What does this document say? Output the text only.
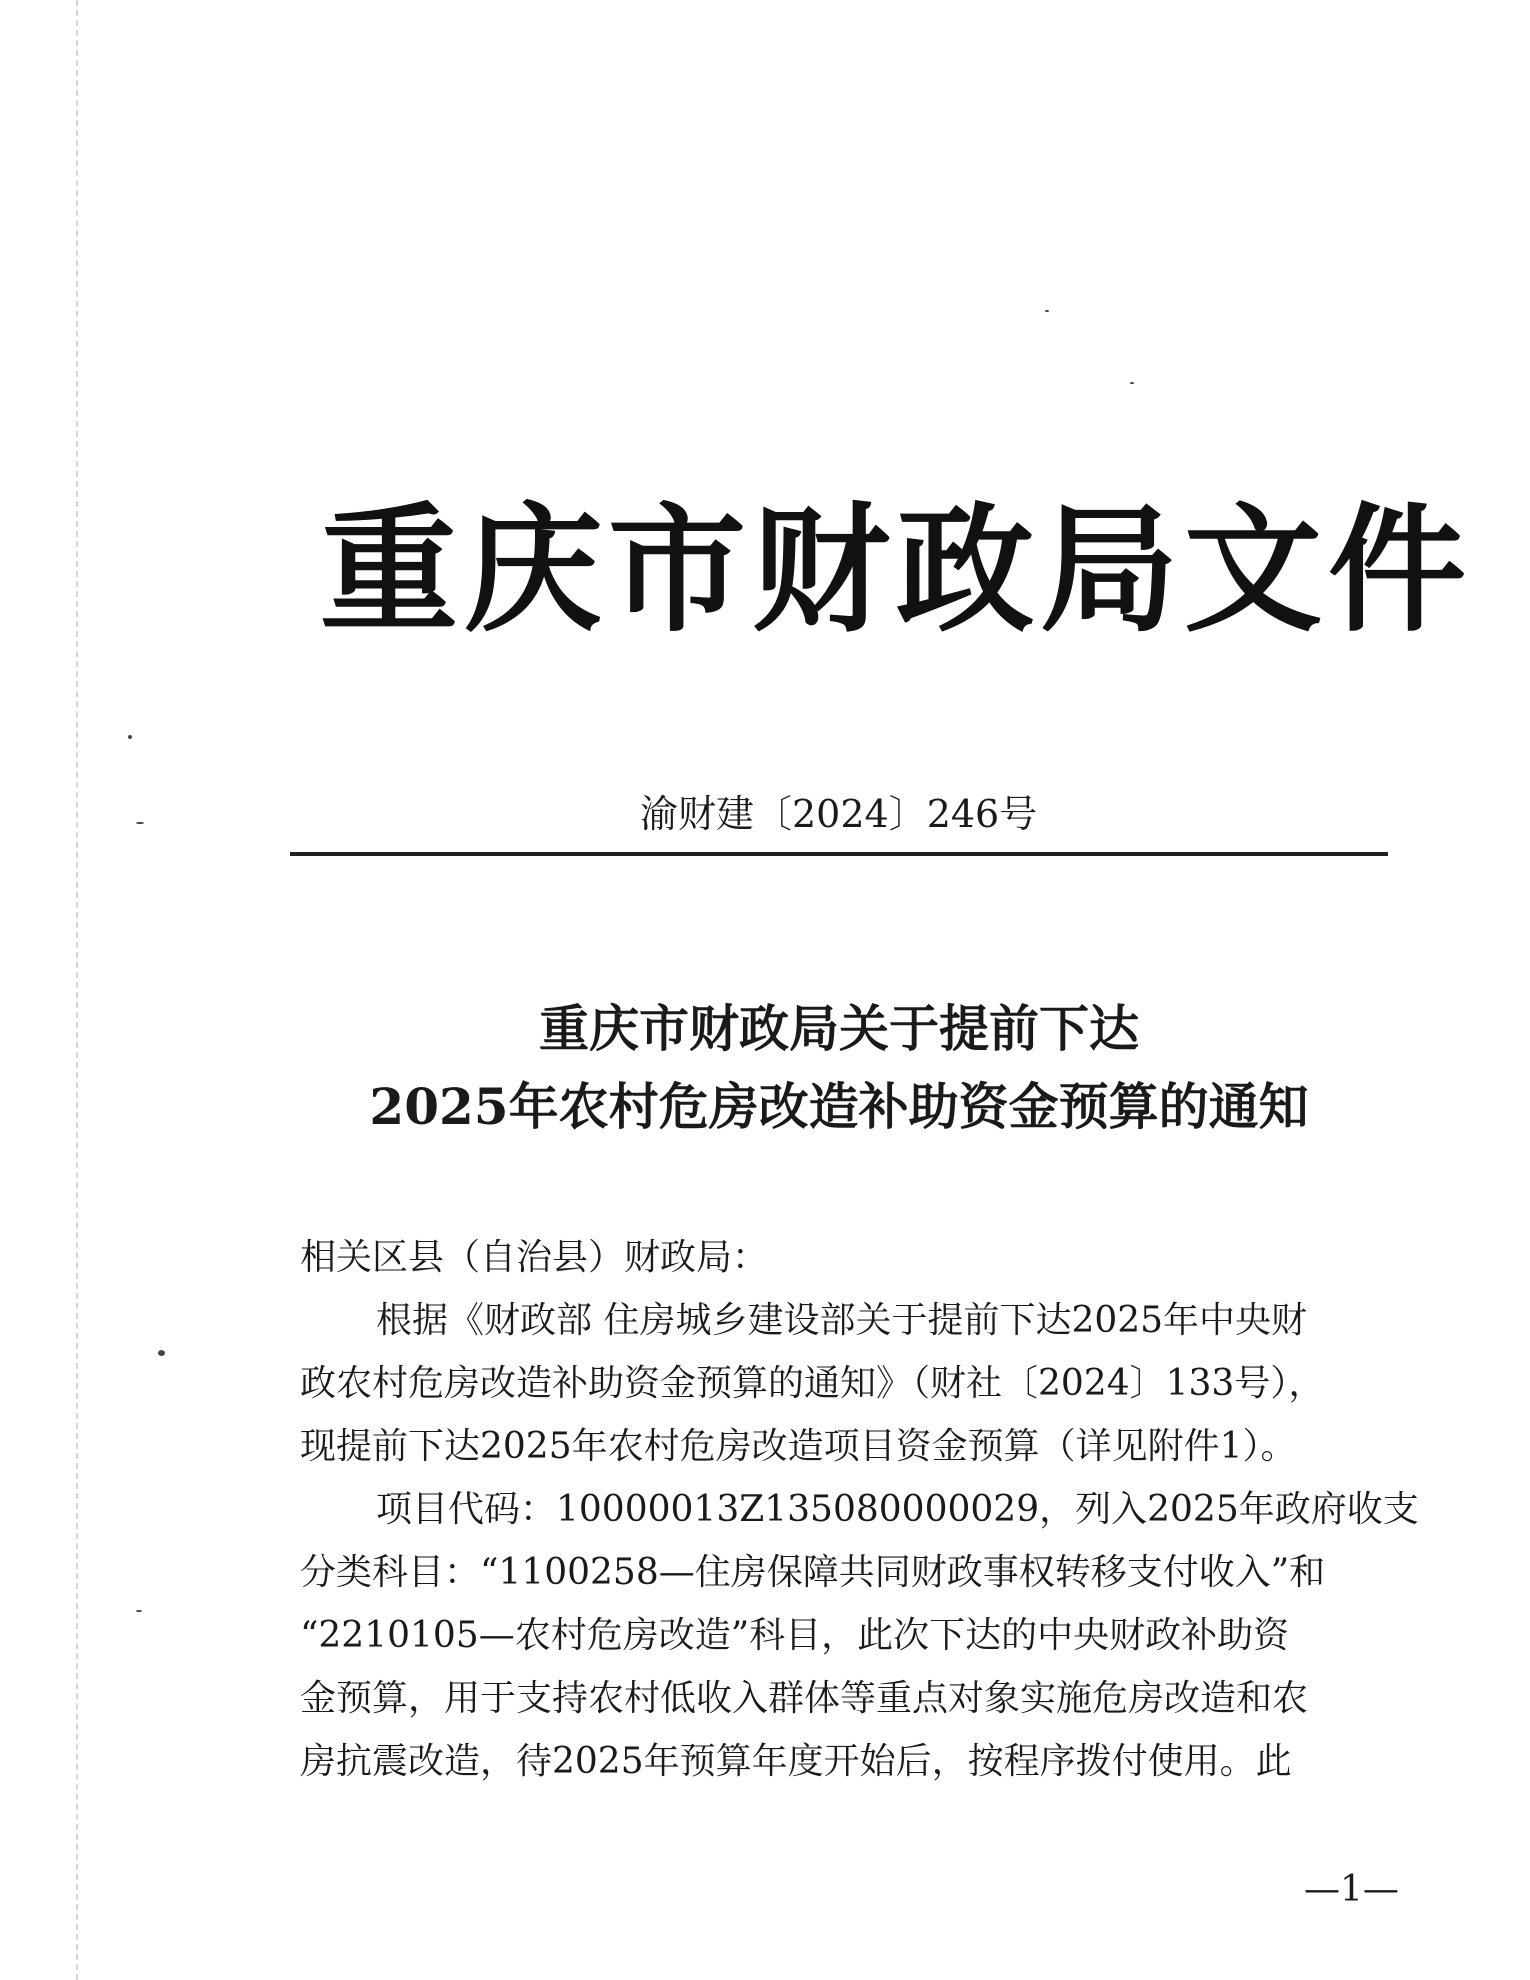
重庆市财政局文件
渝财建〔2024〕246号
重庆市财政局关于提前下达
2025年农村危房改造补助资金预算的通知
相关区县（自治县）财政局：
根据《财政部 住房城乡建设部关于提前下达2025年中央财
政农村危房改造补助资金预算的通知》（财社〔2024〕133号），
现提前下达2025年农村危房改造项目资金预算（详见附件1）。
项目代码：10000013Z135080000029，列入2025年政府收支
分类科目：“1100258—住房保障共同财政事权转移支付收入”和
“2210105—农村危房改造”科目，此次下达的中央财政补助资
金预算，用于支持农村低收入群体等重点对象实施危房改造和农
房抗震改造，待2025年预算年度开始后，按程序拨付使用。此
—1—
